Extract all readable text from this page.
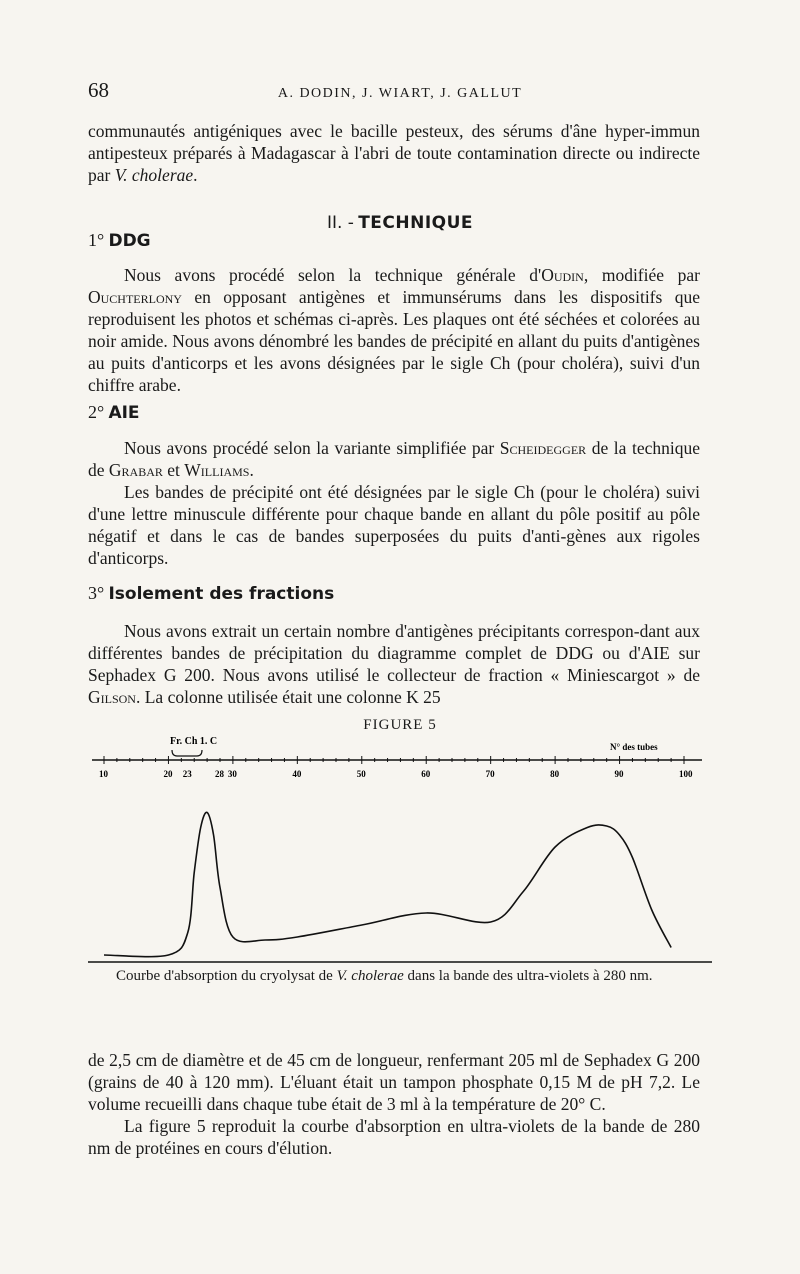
68	A. DODIN, J. WIART, J. GALLUT

communautés antigéniques avec le bacille pesteux, des sérums d'âne hyper-immun antipesteux préparés à Madagascar à l'abri de toute contamination directe ou indirecte par V. cholerae.

II. - TECHNIQUE
1° DDG

Nous avons procédé selon la technique générale d'Oudin, modifiée par Ouchterlony en opposant antigènes et immunsérums dans les dispositifs que reproduisent les photos et schémas ci-après. Les plaques ont été séchées et colorées au noir amide. Nous avons dénombré les bandes de précipité en allant du puits d'antigènes au puits d'anticorps et les avons désignées par le sigle Ch (pour choléra), suivi d'un chiffre arabe.

2° AIE

Nous avons procédé selon la variante simplifiée par Scheidegger de la technique de Grabar et Williams.

Les bandes de précipité ont été désignées par le sigle Ch (pour le choléra) suivi d'une lettre minuscule différente pour chaque bande en allant du pôle positif au pôle négatif et dans le cas de bandes superposées du puits d'anti-gènes aux rigoles d'anticorps.

3° Isolement des fractions

Nous avons extrait un certain nombre d'antigènes précipitants correspon-dant aux différentes bandes de précipitation du diagramme complet de DDG ou d'AIE sur Sephadex G 200. Nous avons utilisé le collecteur de fraction « Miniescargot » de Gilson. La colonne utilisée était une colonne K 25

FIGURE 5
10	20 23	28 30	40	50	60	70	80	90	100
Fr. Ch 1. C	N° des tubes
Courbe d'absorption du cryolysat de V. cholerae dans la bande des ultra-violets à 280 nm.

de 2,5 cm de diamètre et de 45 cm de longueur, renfermant 205 ml de Sephadex G 200 (grains de 40 à 120 mm). L'éluant était un tampon phosphate 0,15 M de pH 7,2. Le volume recueilli dans chaque tube était de 3 ml à la température de 20° C.

La figure 5 reproduit la courbe d'absorption en ultra-violets de la bande de 280 nm de protéines en cours d'élution.
